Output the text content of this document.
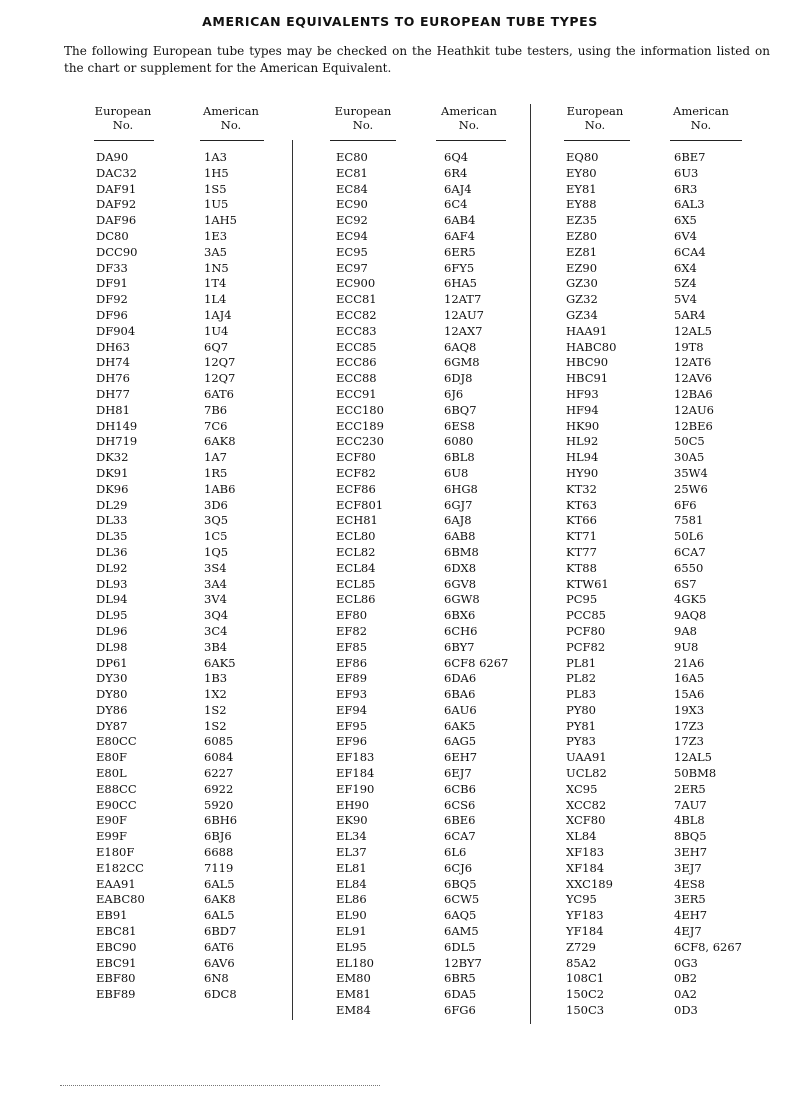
AMERICAN EQUIVALENTS TO EUROPEAN TUBE TYPES
The following European tube types may be checked on the Heathkit tube testers, using the information listed on the chart or supplement for the American Equivalent.
European
No.
American
No.
DA90	1A3
DAC32	1H5
DAF91	1S5
DAF92	1U5
DAF96	1AH5
DC80	1E3
DCC90	3A5
DF33	1N5
DF91	1T4
DF92	1L4
DF96	1AJ4
DF904	1U4
DH63	6Q7
DH74	12Q7
DH76	12Q7
DH77	6AT6
DH81	7B6
DH149	7C6
DH719	6AK8
DK32	1A7
DK91	1R5
DK96	1AB6
DL29	3D6
DL33	3Q5
DL35	1C5
DL36	1Q5
DL92	3S4
DL93	3A4
DL94	3V4
DL95	3Q4
DL96	3C4
DL98	3B4
DP61	6AK5
DY30	1B3
DY80	1X2
DY86	1S2
DY87	1S2
E80CC	6085
E80F	6084
E80L	6227
E88CC	6922
E90CC	5920
E90F	6BH6
E99F	6BJ6
E180F	6688
E182CC	7119
EAA91	6AL5
EABC80	6AK8
EB91	6AL5
EBC81	6BD7
EBC90	6AT6
EBC91	6AV6
EBF80	6N8
EBF89	6DC8
European
No.
American
No.
EC80	6Q4
EC81	6R4
EC84	6AJ4
EC90	6C4
EC92	6AB4
EC94	6AF4
EC95	6ER5
EC97	6FY5
EC900	6HA5
ECC81	12AT7
ECC82	12AU7
ECC83	12AX7
ECC85	6AQ8
ECC86	6GM8
ECC88	6DJ8
ECC91	6J6
ECC180	6BQ7
ECC189	6ES8
ECC230	6080
ECF80	6BL8
ECF82	6U8
ECF86	6HG8
ECF801	6GJ7
ECH81	6AJ8
ECL80	6AB8
ECL82	6BM8
ECL84	6DX8
ECL85	6GV8
ECL86	6GW8
EF80	6BX6
EF82	6CH6
EF85	6BY7
EF86	6CF8 6267
EF89	6DA6
EF93	6BA6
EF94	6AU6
EF95	6AK5
EF96	6AG5
EF183	6EH7
EF184	6EJ7
EF190	6CB6
EH90	6CS6
EK90	6BE6
EL34	6CA7
EL37	6L6
EL81	6CJ6
EL84	6BQ5
EL86	6CW5
EL90	6AQ5
EL91	6AM5
EL95	6DL5
EL180	12BY7
EM80	6BR5
EM81	6DA5
EM84	6FG6
European
No.
American
No.
EQ80	6BE7
EY80	6U3
EY81	6R3
EY88	6AL3
EZ35	6X5
EZ80	6V4
EZ81	6CA4
EZ90	6X4
GZ30	5Z4
GZ32	5V4
GZ34	5AR4
HAA91	12AL5
HABC80	19T8
HBC90	12AT6
HBC91	12AV6
HF93	12BA6
HF94	12AU6
HK90	12BE6
HL92	50C5
HL94	30A5
HY90	35W4
KT32	25W6
KT63	6F6
KT66	7581
KT71	50L6
KT77	6CA7
KT88	6550
KTW61	6S7
PC95	4GK5
PCC85	9AQ8
PCF80	9A8
PCF82	9U8
PL81	21A6
PL82	16A5
PL83	15A6
PY80	19X3
PY81	17Z3
PY83	17Z3
UAA91	12AL5
UCL82	50BM8
XC95	2ER5
XCC82	7AU7
XCF80	4BL8
XL84	8BQ5
XF183	3EH7
XF184	3EJ7
XXC189	4ES8
YC95	3ER5
YF183	4EH7
YF184	4EJ7
Z729	6CF8, 6267
85A2	0G3
108C1	0B2
150C2	0A2
150C3	0D3
